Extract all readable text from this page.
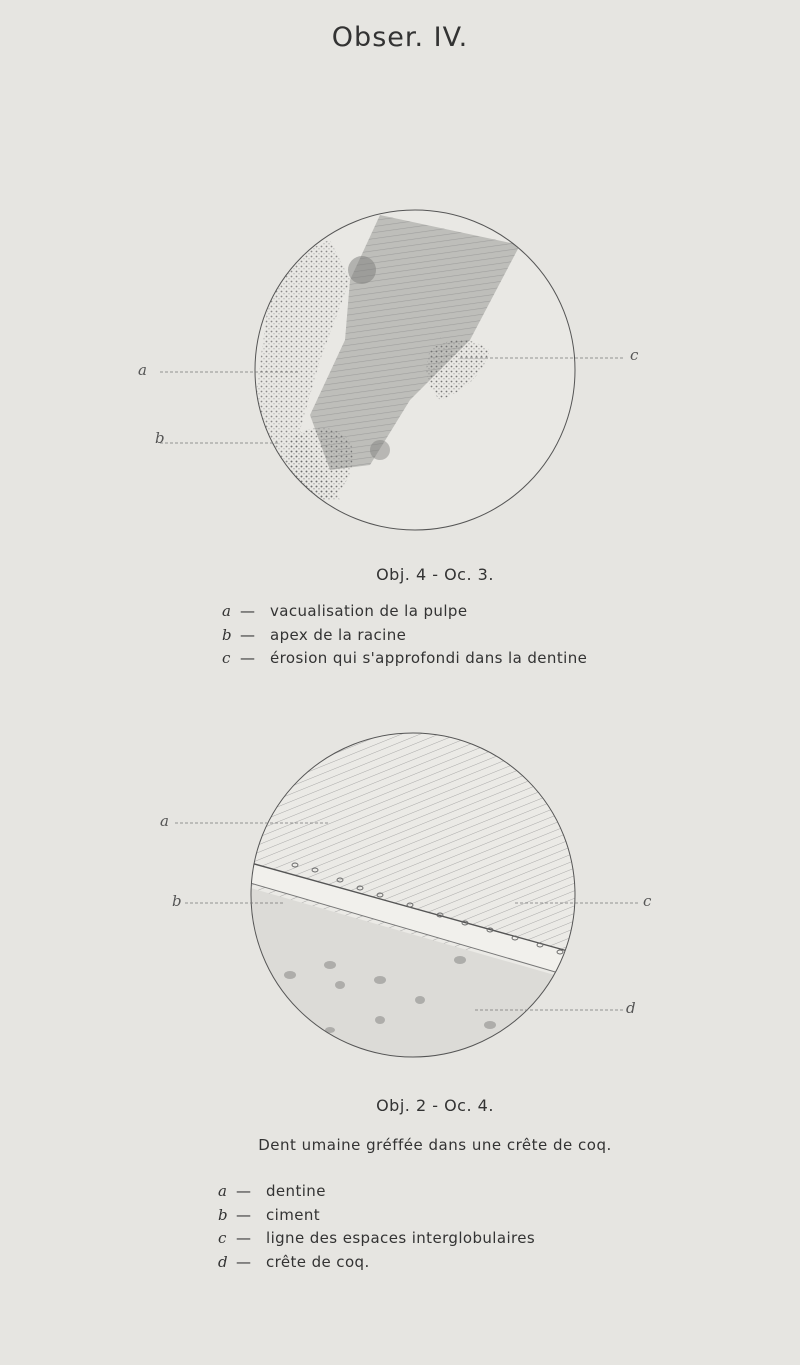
Obser. IV.
a
b
c
Obj. 4 - Oc. 3.
a — vacualisation de la pulpe
b — apex de la racine
c — érosion qui s'approfondi dans la dentine
a
b	c
d
Obj. 2 - Oc. 4.
Dent umaine gréffée dans une crête de coq.
a — dentine
b — ciment
c — ligne des espaces interglobulaires
d — crête de coq.
